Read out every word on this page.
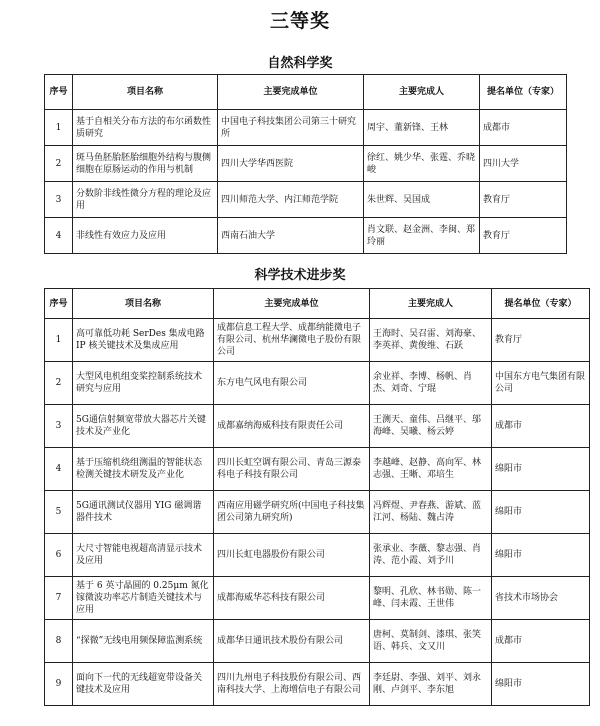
三等奖
自然科学奖
序号	项目名称	主要完成单位	主要完成人	提名单位（专家）
1	基于自相关分布方法的布尔函数性质研究	中国电子科技集团公司第三十研究所	周宇、董新锋、王林	成都市
2	斑马鱼胚胎胚胎细胞外结构与腹侧细胞在原肠运动的作用与机制	四川大学华西医院	徐红、姚少华、张霆、乔晓峻	四川大学
3	分数阶非线性微分方程的理论及应用	四川师范大学、内江师范学院	朱世辉、吴国成	教育厅
4	非线性有效应力及应用	西南石油大学	肖文联、赵金洲、李闽、郑玲丽	教育厅
科学技术进步奖
序号	项目名称	主要完成单位	主要完成人	提名单位（专家）
1	高可靠低功耗 SerDes 集成电路 IP 核关键技术及集成应用	成都信息工程大学、成都纳能微电子有限公司、杭州华澜微电子股份有限公司	王海时、吴召雷、刘海豪、李英祥、黄俊维、石跃	教育厅
2	大型风电机组变桨控制系统技术研究与应用	东方电气风电有限公司	余业祥、李博、杨帆、肖杰、刘奇、宁琨	中国东方电气集团有限公司
3	5G通信射频宽带放大器芯片关键技术及产业化	成都嘉纳海威科技有限责任公司	王测天、童伟、吕继平、邬海峰、吴曦、杨云婷	成都市
4	基于压缩机绕组测温的智能状态检测关键技术研发及产业化	四川长虹空调有限公司、青岛三源泰科电子科技有限公司	李越峰、赵静、高向军、林志强、王晰、邓培生	绵阳市
5	5G通讯测试仪器用 YIG 磁调谐器件技术	西南应用磁学研究所(中国电子科技集团公司第九研究所)	冯辉煜、尹春燕、游斌、蓝江河、杨陆、魏占涛	绵阳市
6	大尺寸智能电视超高清显示技术及应用	四川长虹电器股份有限公司	张承业、李薇、黎志强、肖涛、范小霞、刘予川	绵阳市
7	基于 6 英寸晶圆的 0.25μm 氮化镓微波功率芯片制造关键技术与应用	成都海威华芯科技有限公司	黎明、孔欣、林书勋、陈一峰、闫未霞、王世伟	省技术市场协会
8	“探微”无线电用频保障监测系统	成都华日通讯技术股份有限公司	唐柯、莫制剑、漆琪、张笑语、韩兵、文又川	成都市
9	面向下一代的无线超宽带设备关键技术及应用	四川九州电子科技股份有限公司、西南科技大学、上海增信电子有限公司	李廷尉、李强、刘平、刘永刚、卢剑平、李东旭	绵阳市
